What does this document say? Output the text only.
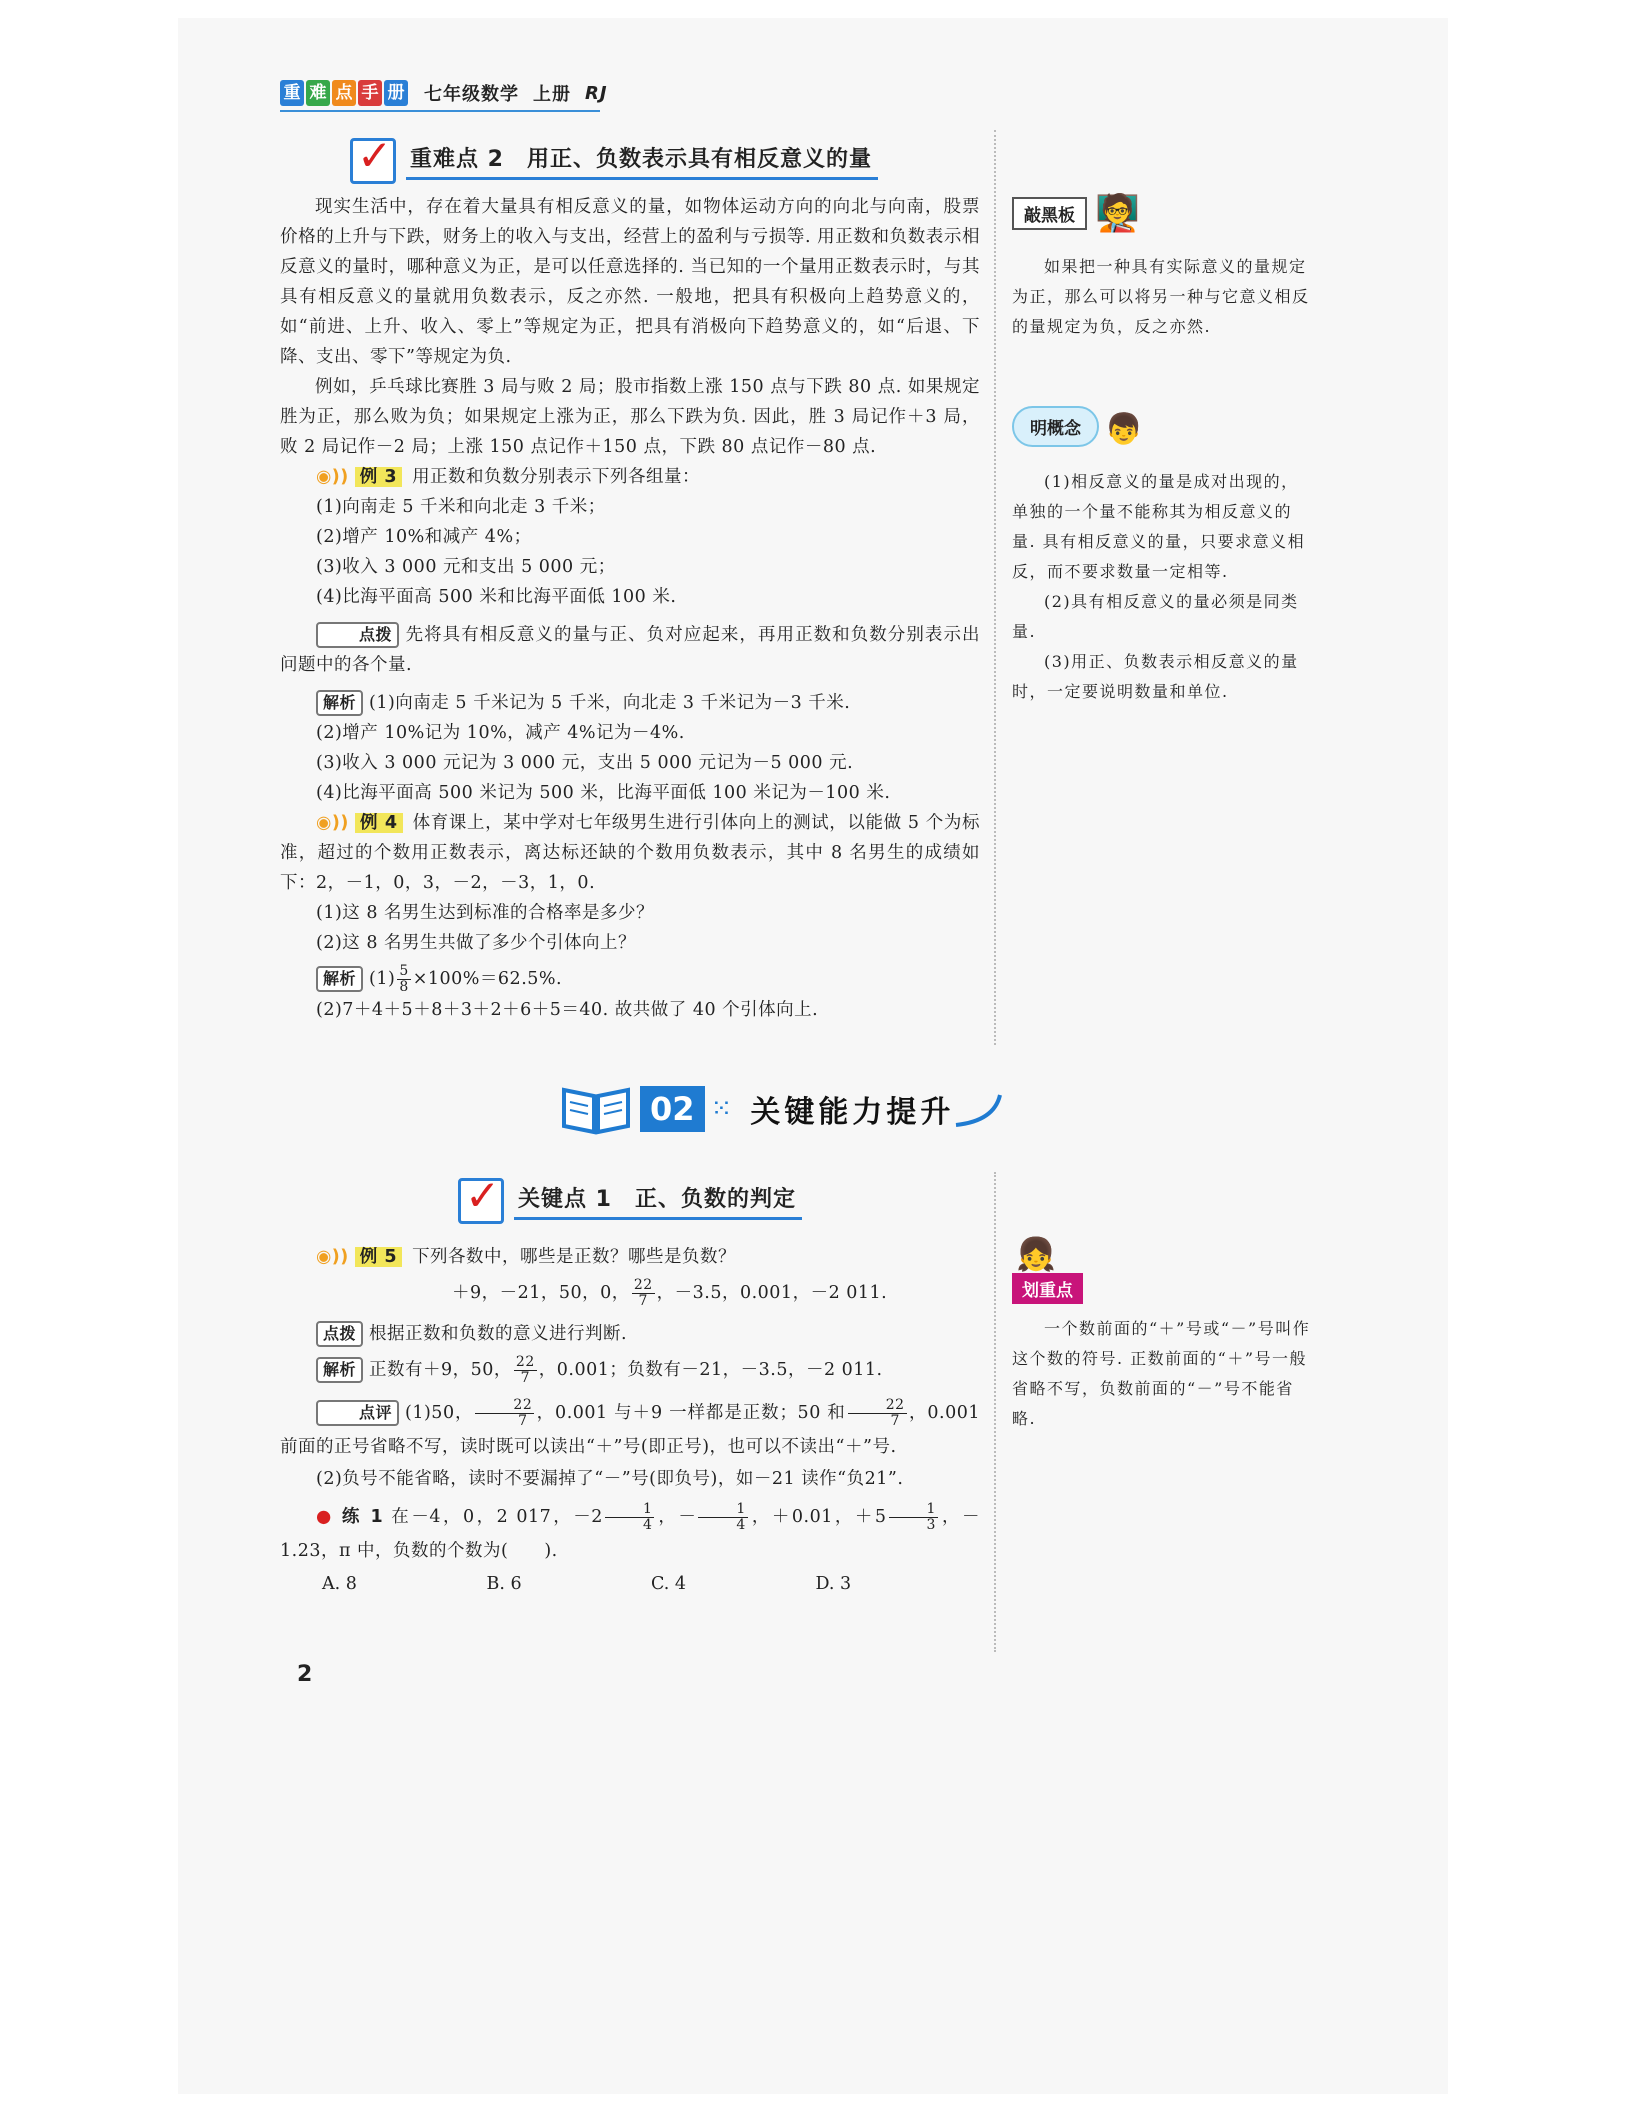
重 难 点 手 册 七年级数学 上册 RJ
✓ 重难点 2　用正、负数表示具有相反意义的量

现实生活中，存在着大量具有相反意义的量，如物体运动方向的向北与向南，股票价格的上升与下跌，财务上的收入与支出，经营上的盈利与亏损等. 用正数和负数表示相反意义的量时，哪种意义为正，是可以任意选择的. 当已知的一个量用正数表示时，与其具有相反意义的量就用负数表示，反之亦然. 一般地，把具有积极向上趋势意义的，如“前进、上升、收入、零上”等规定为正，把具有消极向下趋势意义的，如“后退、下降、支出、零下”等规定为负.

例如，乒乓球比赛胜 3 局与败 2 局；股市指数上涨 150 点与下跌 80 点. 如果规定胜为正，那么败为负；如果规定上涨为正，那么下跌为负. 因此，胜 3 局记作＋3 局，败 2 局记作－2 局；上涨 150 点记作＋150 点，下跌 80 点记作－80 点.

◉)) 例 3 用正数和负数分别表示下列各组量：

(1)向南走 5 千米和向北走 3 千米；

(2)增产 10%和减产 4%；

(3)收入 3 000 元和支出 5 000 元；

(4)比海平面高 500 米和比海平面低 100 米.

点拨 先将具有相反意义的量与正、负对应起来，再用正数和负数分别表示出问题中的各个量.

解析 (1)向南走 5 千米记为 5 千米，向北走 3 千米记为－3 千米.

(2)增产 10%记为 10%，减产 4%记为－4%.

(3)收入 3 000 元记为 3 000 元，支出 5 000 元记为－5 000 元.

(4)比海平面高 500 米记为 500 米，比海平面低 100 米记为－100 米.

◉)) 例 4 体育课上，某中学对七年级男生进行引体向上的测试，以能做 5 个为标准，超过的个数用正数表示，离达标还缺的个数用负数表示，其中 8 名男生的成绩如下：2，－1，0，3，－2，－3，1，0.

(1)这 8 名男生达到标准的合格率是多少？

(2)这 8 名男生共做了多少个引体向上？

解析 $(1) \frac{5}{8} \times 100\%=62.5\%$.

(2)7＋4＋5＋8＋3＋2＋6＋5＝40. 故共做了 40 个引体向上.

敲黑板 🧑‍🏫

如果把一种具有实际意义的量规定为正，那么可以将另一种与它意义相反的量规定为负，反之亦然.

明概念 👦

(1)相反意义的量是成对出现的，单独的一个量不能称其为相反意义的量. 具有相反意义的量，只要求意义相反，而不要求数量一定相等.

(2)具有相反意义的量必须是同类量.

(3)用正、负数表示相反意义的量时，一定要说明数量和单位.

02 ⁙ 关键能力提升
✓ 关键点 1　正、负数的判定

◉)) 例 5 下列各数中，哪些是正数？哪些是负数？

＋9，－21，50，0， $\frac{22}{7}$ ，－3.5，0.001，－2 011.

点拨 根据正数和负数的意义进行判断.

解析 正数有＋9，50， $\frac{22}{7}$ ，0.001；负数有－21，－3.5，－2 011.

点评 (1)50， $\frac{22}{7}$ ，0.001 与＋9 一样都是正数；50 和 $\frac{22}{7}$ ，0.001 前面的正号省略不写，读时既可以读出“＋”号(即正号)，也可以不读出“＋”号.

(2)负号不能省略，读时不要漏掉了“－”号(即负号)，如－21 读作“负21”.

● 练 1 在－4，0，2 017，$-2 \frac{1}{4}$ ，－ $\frac{1}{4}$ ，＋0.01，$+5 \frac{1}{3}$ ，－1.23，π 中，负数的个数为(　　).

A. 8	B. 6	C. 4	D. 3
👧
划重点

一个数前面的“＋”号或“－”号叫作这个数的符号. 正数前面的“＋”号一般省略不写，负数前面的“－”号不能省略.

2
